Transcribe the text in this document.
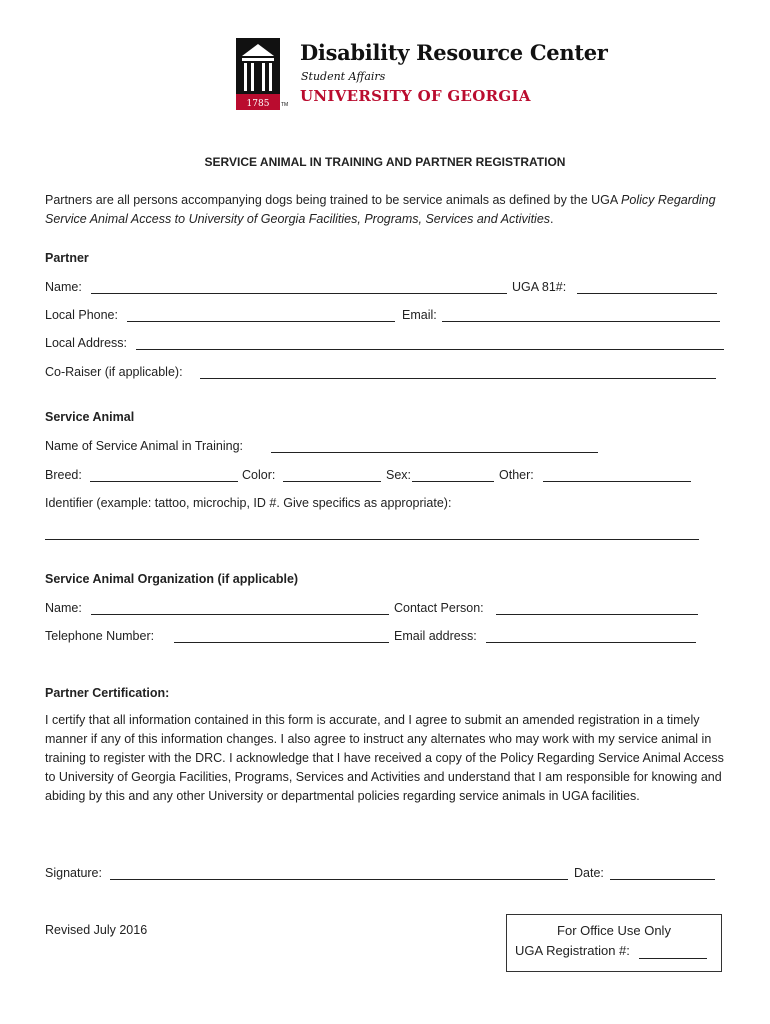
1785 TM
Disability Resource Center
Student Affairs
UNIVERSITY OF GEORGIA
SERVICE ANIMAL IN TRAINING AND PARTNER REGISTRATION
Partners are all persons accompanying dogs being trained to be service animals as defined by the UGA Policy Regarding Service Animal Access to University of Georgia Facilities, Programs, Services and Activities.
Partner
Name:	UGA 81#:
Local Phone:	Email:
Local Address:
Co-Raiser (if applicable):
Service Animal
Name of Service Animal in Training:
Breed:	Color:	Sex:	Other:
Identifier (example: tattoo, microchip, ID #. Give specifics as appropriate):
Service Animal Organization (if applicable)
Name:	Contact Person:
Telephone Number:	Email address:
Partner Certification:
I certify that all information contained in this form is accurate, and I agree to submit an amended registration in a timely manner if any of this information changes. I also agree to instruct any alternates who may work with my service animal in training to register with the DRC. I acknowledge that I have received a copy of the Policy Regarding Service Animal Access to University of Georgia Facilities, Programs, Services and Activities and understand that I am responsible for knowing and abiding by this and any other University or departmental policies regarding service animals in UGA facilities.
Signature:	Date:
Revised July 2016	For Office Use Only
UGA Registration #:
